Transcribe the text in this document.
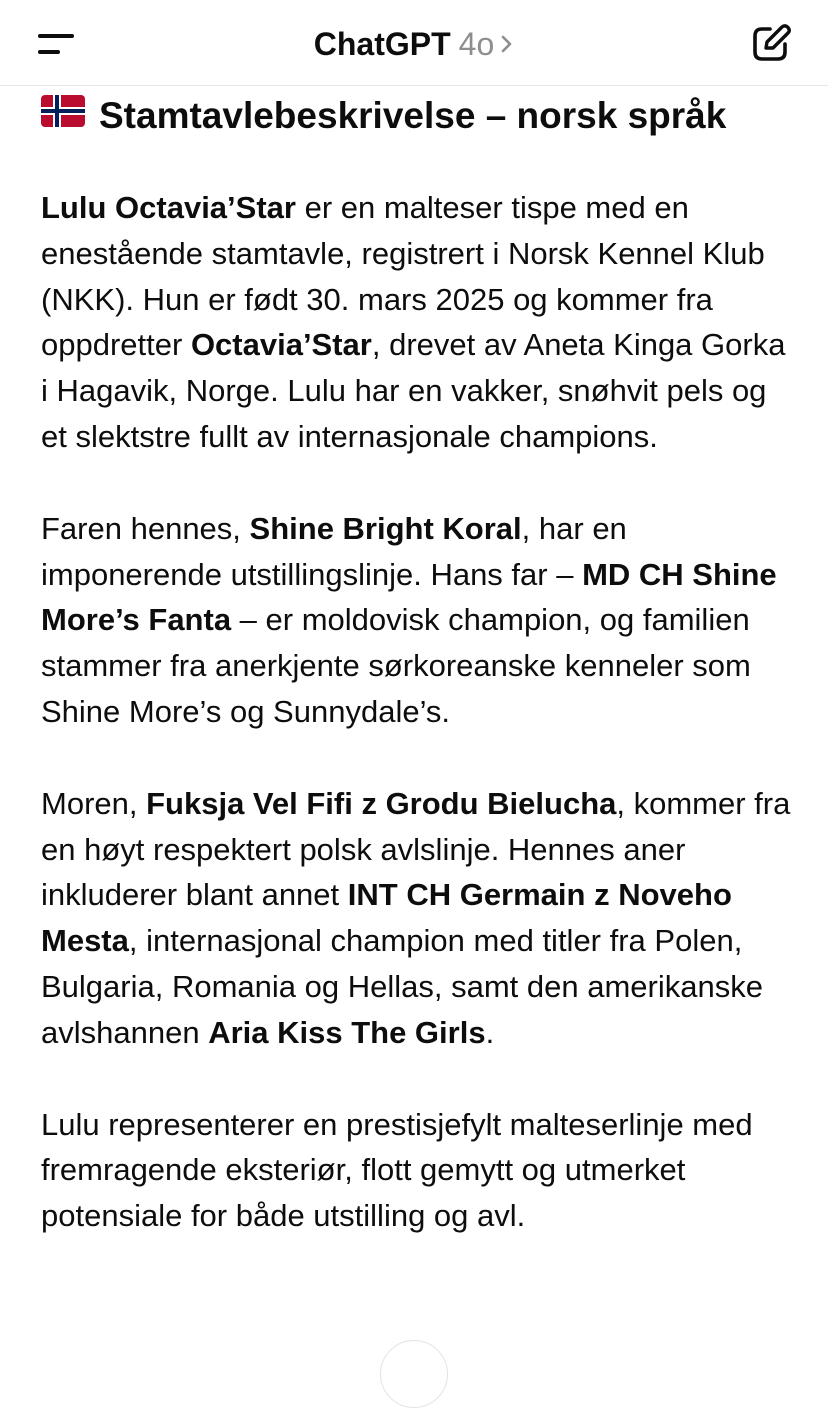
ChatGPT 4o
Stamtavlebeskrivelse – norsk språk

Lulu Octavia’Star er en malteser tispe med en enestående stamtavle, registrert i Norsk Kennel Klub (NKK). Hun er født 30. mars 2025 og kommer fra oppdretter Octavia’Star, drevet av Aneta Kinga Gorka i Hagavik, Norge. Lulu har en vakker, snøhvit pels og et slektstre fullt av internasjonale champions.

Faren hennes, Shine Bright Koral, har en imponerende utstillingslinje. Hans far – MD CH Shine More’s Fanta – er moldovisk champion, og familien stammer fra anerkjente sørkoreanske kenneler som Shine More’s og Sunnydale’s.

Moren, Fuksja Vel Fifi z Grodu Bielucha, kommer fra en høyt respektert polsk avlslinje. Hennes aner inkluderer blant annet INT CH Germain z Noveho Mesta, internasjonal champion med titler fra Polen, Bulgaria, Romania og Hellas, samt den amerikanske avlshannen Aria Kiss The Girls.

Lulu representerer en prestisjefylt malteserlinje med fremragende eksteriør, flott gemytt og utmerket potensiale for både utstilling og avl.
